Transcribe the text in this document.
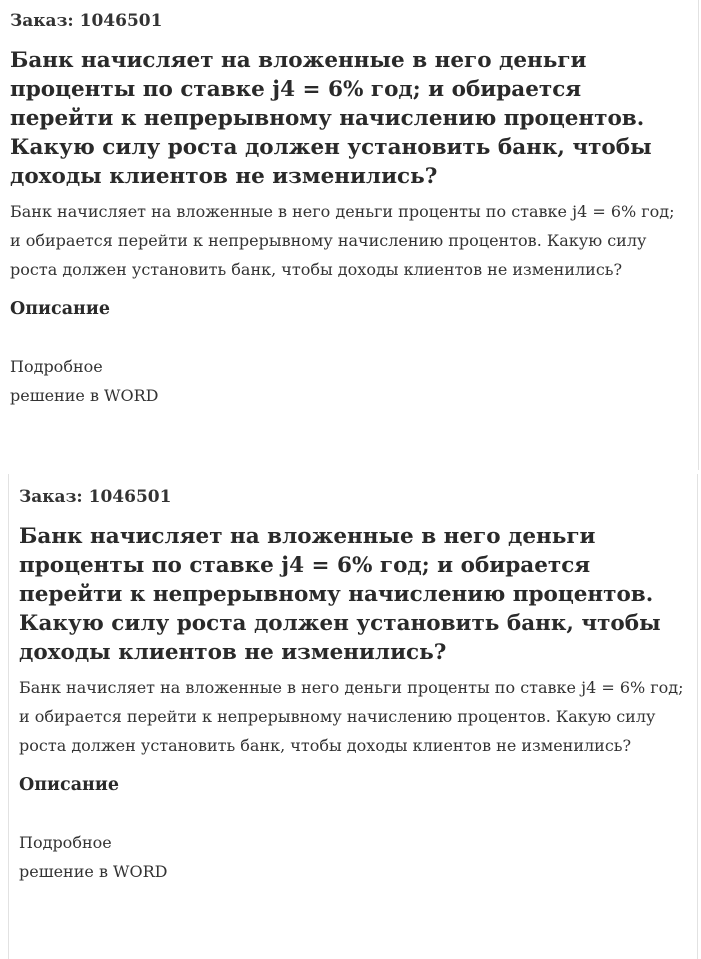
Заказ: 1046501
Банк начисляет на вложенные в него деньги проценты по ставке j4 = 6% год; и обирается перейти к непрерывному начислению процентов. Какую силу роста должен установить банк, чтобы доходы клиентов не изменились?

Банк начисляет на вложенные в него деньги проценты по ставке j4 = 6% год; и обирается перейти к непрерывному начислению процентов. Какую силу роста должен установить банк, чтобы доходы клиентов не изменились?

Описание

Подробное
решение в WORD

Заказ: 1046501
Банк начисляет на вложенные в него деньги проценты по ставке j4 = 6% год; и обирается перейти к непрерывному начислению процентов. Какую силу роста должен установить банк, чтобы доходы клиентов не изменились?

Банк начисляет на вложенные в него деньги проценты по ставке j4 = 6% год; и обирается перейти к непрерывному начислению процентов. Какую силу роста должен установить банк, чтобы доходы клиентов не изменились?

Описание

Подробное
решение в WORD
